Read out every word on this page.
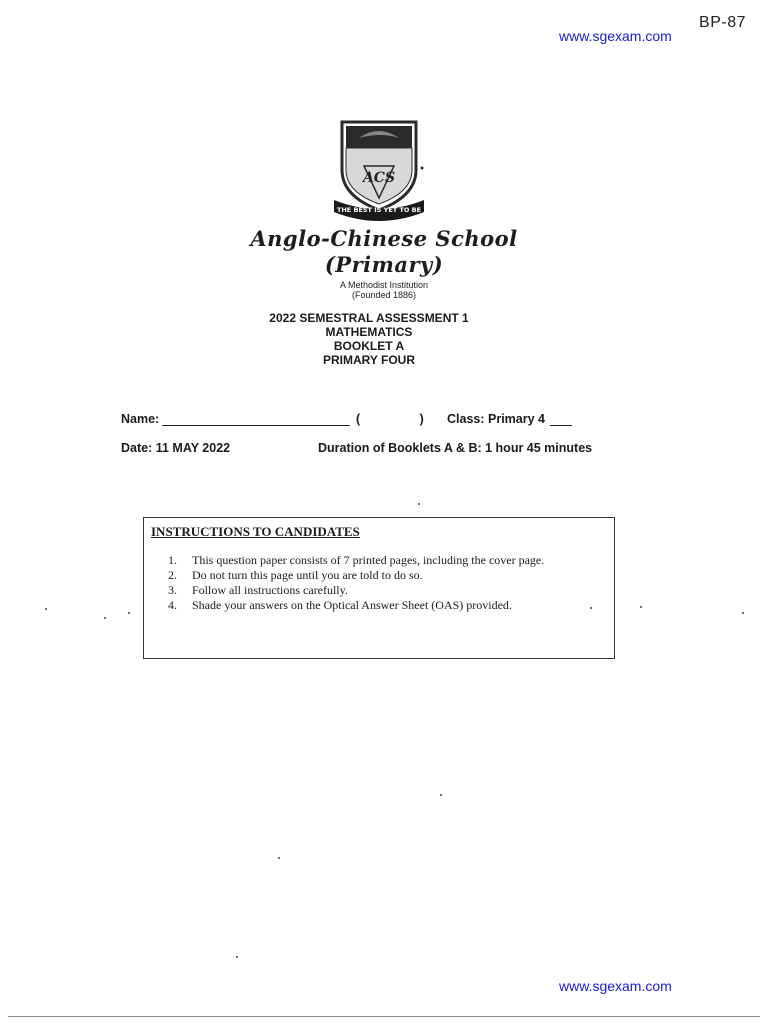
BP-87
www.sgexam.com
ACS
THE BEST IS YET TO BE
Anglo-Chinese School
(Primary)
A Methodist Institution
(Founded 1886)
2022 SEMESTRAL ASSESSMENT 1
MATHEMATICS
BOOKLET A
PRIMARY FOUR
Name:	( )
Class: Primary 4
Date: 11 MAY 2022	Duration of Booklets A & B: 1 hour 45 minutes
INSTRUCTIONS TO CANDIDATES
1. This question paper consists of 7 printed pages, including the cover page.
2. Do not turn this page until you are told to do so.
3. Follow all instructions carefully.
4. Shade your answers on the Optical Answer Sheet (OAS) provided.
www.sgexam.com
